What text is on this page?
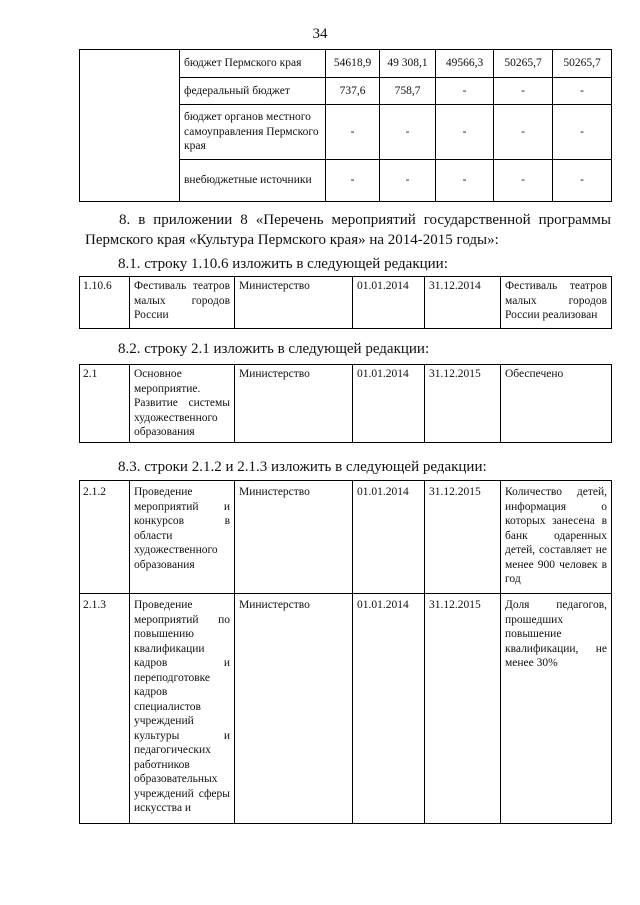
34
	бюджет Пермского края	54618,9	49 308,1	49566,3	50265,7	50265,7
	федеральный бюджет	737,6	758,7	-	-	-
	бюджет органов местного самоуправления Пермского края	-	-	-	-	-
	внебюджетные источники	-	-	-	-	-
8. в приложении 8 «Перечень мероприятий государственной программы Пермского края «Культура Пермского края» на 2014-2015 годы»:
8.1. строку 1.10.6 изложить в следующей редакции:
1.10.6	Фестиваль театров малых городов России	Министерство	01.01.2014	31.12.2014	Фестиваль театров малых городов России реализован
8.2. строку 2.1 изложить в следующей редакции:
2.1	Основное мероприятие. Развитие системы художественного образования	Министерство	01.01.2014	31.12.2015	Обеспечено
8.3. строки 2.1.2 и 2.1.3 изложить в следующей редакции:
2.1.2	Проведение мероприятий и конкурсов в области художественного образования	Министерство	01.01.2014	31.12.2015	Количество детей, информация о которых занесена в банк одаренных детей, составляет не менее 900 человек в год
2.1.3	Проведение мероприятий по повышению квалификации кадров и переподготовке кадров специалистов учреждений культуры и педагогических работников образовательных учреждений сферы искусства и	Министерство	01.01.2014	31.12.2015	Доля педагогов, прошедших повышение квалификации, не менее 30%
